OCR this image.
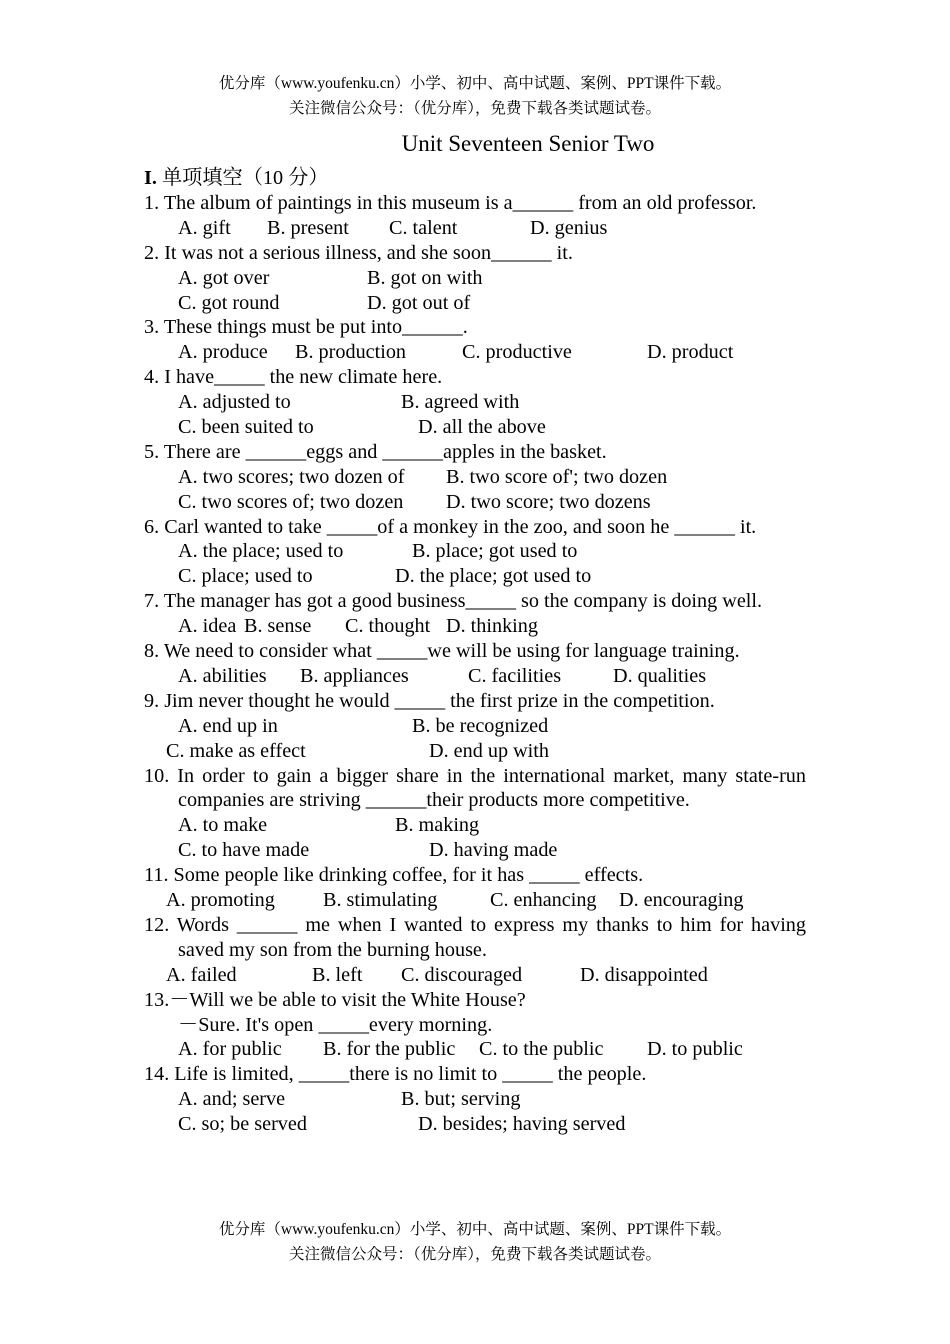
优分库（www.youfenku.cn）小学、初中、高中试题、案例、PPT课件下载。
关注微信公众号：（优分库），免费下载各类试题试卷。
Unit Seventeen Senior Two
I. 单项填空（10 分）
1. The album of paintings in this museum is a______ from an old professor.
A. gift B. present C. talent	D. genius
2. It was not a serious illness, and she soon______ it.
A. got over	B. got on with
C. got round	D. got out of
3. These things must be put into______.
A. produce B. production	C. productive	D. product
4. I have_____ the new climate here.
A. adjusted to	B. agreed with
C. been suited to	D. all the above
5. There are ______eggs and ______apples in the basket.
A. two scores; two dozen of B. two score of'; two dozen
C. two scores of; two dozen D. two score; two dozens
6. Carl wanted to take _____of a monkey in the zoo, and soon he ______ it.
A. the place; used to	B. place; got used to
C. place; used to	D. the place; got used to
7. The manager has got a good business_____ so the company is doing well.
A. idea B. sense C. thought D. thinking
8. We need to consider what _____we will be using for language training.
A. abilities B. appliances	C. facilities	D. qualities
9. Jim never thought he would _____ the first prize in the competition.
A. end up in	B. be recognized
C. make as effect	D. end up with
10. In order to gain a bigger share in the international market, many state-run companies are striving ______their products more competitive.
A. to make	B. making
C. to have made	D. having made
11. Some people like drinking coffee, for it has _____ effects.
A. promoting B. stimulating	C. enhancing D. encouraging
12. Words ______ me when I wanted to express my thanks to him for having saved my son from the burning house.
A. failed	B. left C. discouraged	D. disappointed
13.－Will we be able to visit the White House?
－Sure. It's open _____every morning.
A. for public B. for the public C. to the public D. to public
14. Life is limited, _____there is no limit to _____ the people.
A. and; serve	B. but; serving
C. so; be served	D. besides; having served
优分库（www.youfenku.cn）小学、初中、高中试题、案例、PPT课件下载。
关注微信公众号：（优分库），免费下载各类试题试卷。
